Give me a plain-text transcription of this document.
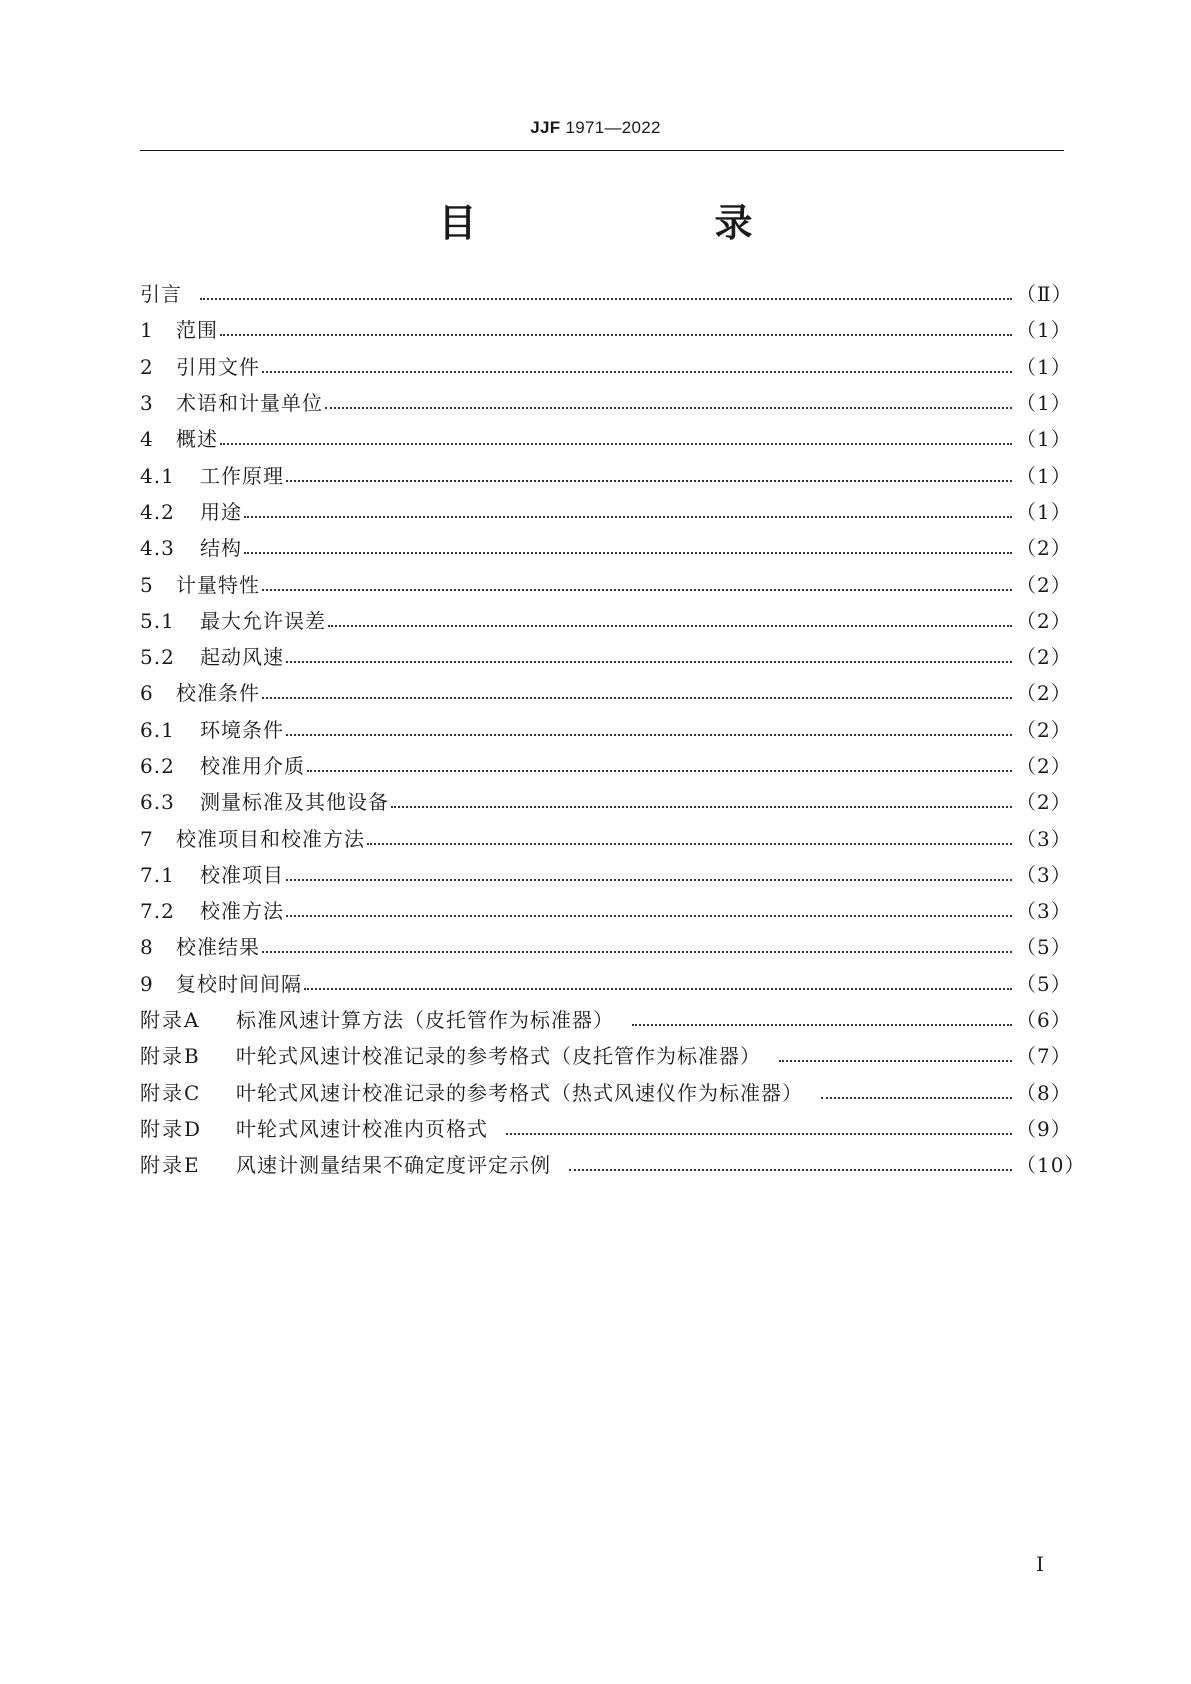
JJF 1971—2022
目　　录
引言	（Ⅱ）
1	范围	（1）
2	引用文件	（1）
3	术语和计量单位	（1）
4	概述	（1）
4.1	工作原理	（1）
4.2	用途	（1）
4.3	结构	（2）
5	计量特性	（2）
5.1	最大允许误差	（2）
5.2	起动风速	（2）
6	校准条件	（2）
6.1	环境条件	（2）
6.2	校准用介质	（2）
6.3	测量标准及其他设备	（2）
7	校准项目和校准方法	（3）
7.1	校准项目	（3）
7.2	校准方法	（3）
8	校准结果	（5）
9	复校时间间隔	（5）
附录A	标准风速计算方法（皮托管作为标准器）	（6）
附录B	叶轮式风速计校准记录的参考格式（皮托管作为标准器）	（7）
附录C	叶轮式风速计校准记录的参考格式（热式风速仪作为标准器）	（8）
附录D	叶轮式风速计校准内页格式	（9）
附录E	风速计测量结果不确定度评定示例	（10）
Ⅰ
